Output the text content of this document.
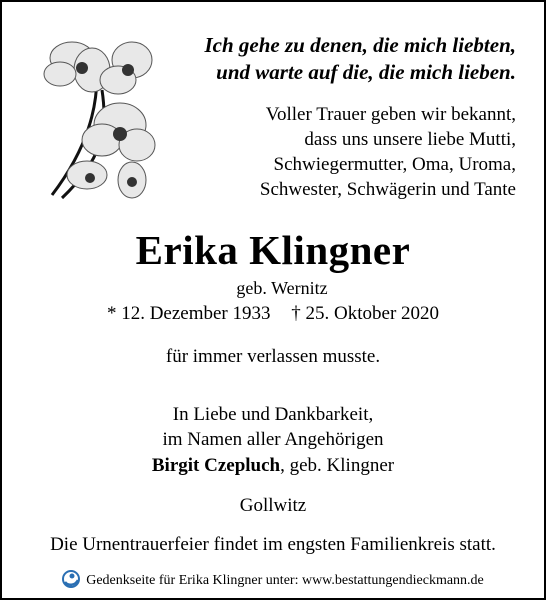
Ich gehe zu denen, die mich liebten,
und warte auf die, die mich lieben.
Voller Trauer geben wir bekannt,
dass uns unsere liebe Mutti,
Schwiegermutter, Oma, Uroma,
Schwester, Schwägerin und Tante
Erika Klingner
geb. Wernitz
* 12. Dezember 1933 † 25. Oktober 2020
für immer verlassen musste.
In Liebe und Dankbarkeit,
im Namen aller Angehörigen
Birgit Czepluch, geb. Klingner
Gollwitz
Die Urnentrauerfeier findet im engsten Familienkreis statt.
Gedenkseite für Erika Klingner unter: www.bestattungendieckmann.de
